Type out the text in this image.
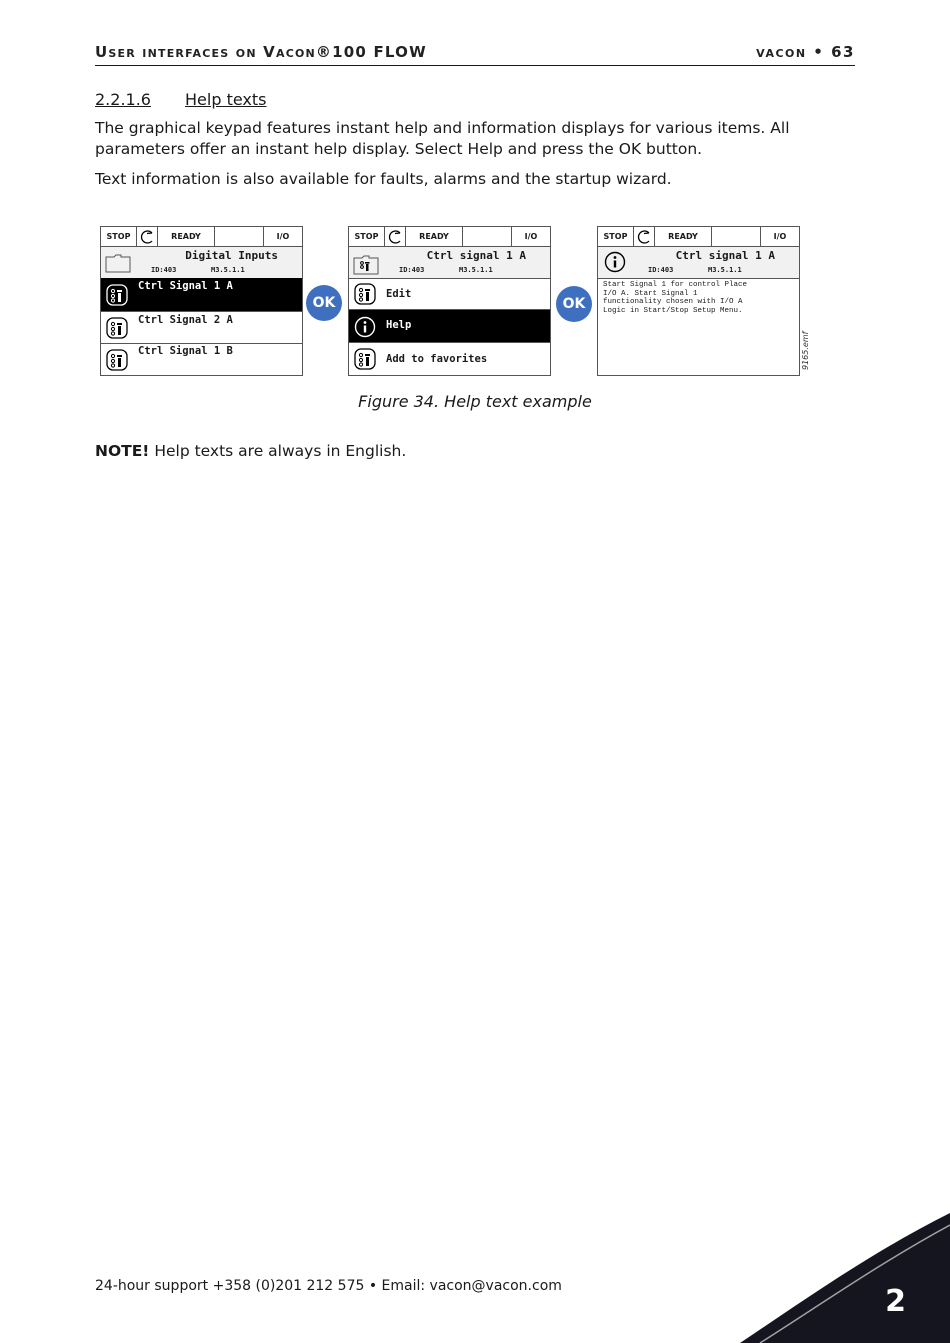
User interfaces on Vacon®100 FLOW	vacon • 63
2.2.1.6 Help texts
The graphical keypad features instant help and information displays for various items. All parameters offer an instant help display. Select Help and press the OK button.
Text information is also available for faults, alarms and the startup wizard.
STOP	READY	I/O
Digital Inputs
ID:403	M3.5.1.1
Ctrl Signal 1 A
Ctrl Signal 2 A
Ctrl Signal 1 B
OK
STOP	READY	I/O
Ctrl signal 1 A
ID:403	M3.5.1.1
Edit
Help
Add to favorites
OK
STOP	READY	I/O
Ctrl signal 1 A
ID:403	M3.5.1.1
Start Signal 1 for control Place
I/O A. Start Signal 1
functionality chosen with I/O A
Logic in Start/Stop Setup Menu.
9165.emf
Figure 34. Help text example
NOTE! Help texts are always in English.
24-hour support +358 (0)201 212 575 • Email: vacon@vacon.com	2
